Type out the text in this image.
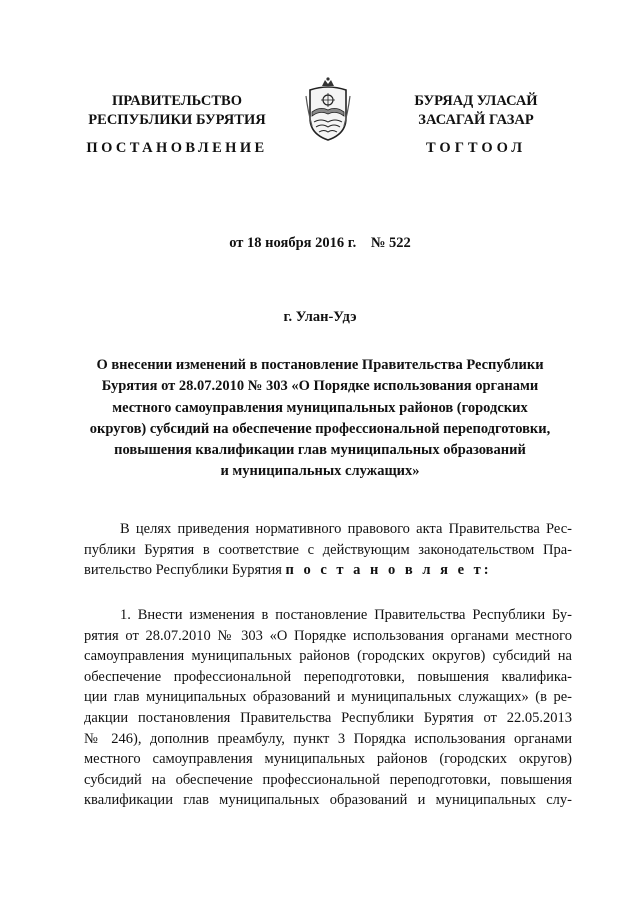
ПРАВИТЕЛЬСТВО
РЕСПУБЛИКИ БУРЯТИЯ
ПОСТАНОВЛЕНИЕ
БУРЯАД УЛАСАЙ
ЗАСАГАЙ ГАЗАР
ТОГТООЛ
от 18 ноября 2016 г. № 522
г. Улан-Удэ
О внесении изменений в постановление Правительства Республики
Бурятия от 28.07.2010 № 303 «О Порядке использования органами
местного самоуправления муниципальных районов (городских
округов) субсидий на обеспечение профессиональной переподготовки,
повышения квалификации глав муниципальных образований
и муниципальных служащих»
В целях приведения нормативного правового акта Правительства Рес-
публики Бурятия в соответствие с действующим законодательством Пра-
вительство Республики Бурятия п о с т а н о в л я е т:
1. Внести изменения в постановление Правительства Республики Бу-
рятия от 28.07.2010 № 303 «О Порядке использования органами местного
самоуправления муниципальных районов (городских округов) субсидий на
обеспечение профессиональной переподготовки, повышения квалифика-
ции глав муниципальных образований и муниципальных служащих» (в ре-
дакции постановления Правительства Республики Бурятия от 22.05.2013
№ 246), дополнив преамбулу, пункт 3 Порядка использования органами
местного самоуправления муниципальных районов (городских округов)
субсидий на обеспечение профессиональной переподготовки, повышения
квалификации глав муниципальных образований и муниципальных слу-
